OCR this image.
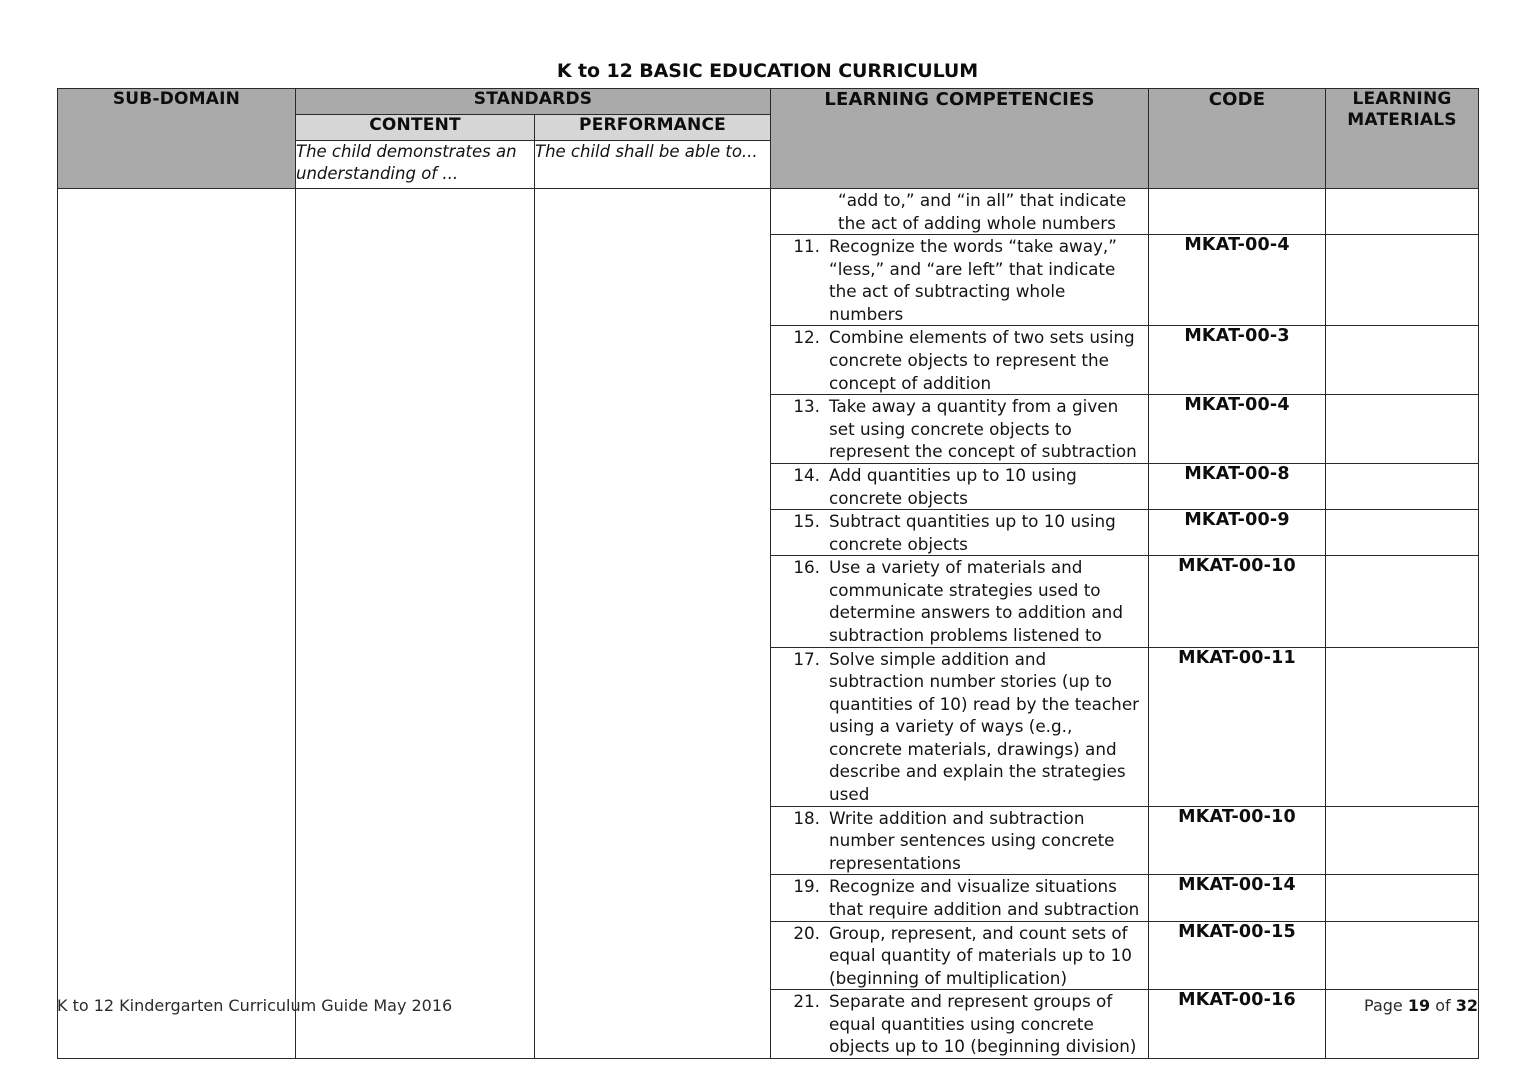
K to 12 BASIC EDUCATION CURRICULUM
SUB-DOMAIN	STANDARDS		LEARNING COMPETENCIES	CODE	LEARNING MATERIALS
	CONTENT	PERFORMANCE			
	The child demonstrates an understanding of ...	The child shall be able to...			

			“add to,” and “in all” that indicate the act of adding whole numbers		

			11. Recognize the words “take away,” “less,” and “are left” that indicate the act of subtracting whole numbers	MKAT-00-4	

			12. Combine elements of two sets using concrete objects to represent the concept of addition	MKAT-00-3	

			13. Take away a quantity from a given set using concrete objects to represent the concept of subtraction	MKAT-00-4	

			14. Add quantities up to 10 using concrete objects	MKAT-00-8	

			15. Subtract quantities up to 10 using concrete objects	MKAT-00-9	

			16. Use a variety of materials and communicate strategies used to determine answers to addition and subtraction problems listened to	MKAT-00-10	

			17. Solve simple addition and subtraction number stories (up to quantities of 10) read by the teacher using a variety of ways (e.g., concrete materials, drawings) and describe and explain the strategies used	MKAT-00-11	

			18. Write addition and subtraction number sentences using concrete representations	MKAT-00-10	

			19. Recognize and visualize situations that require addition and subtraction	MKAT-00-14	

			20. Group, represent, and count sets of equal quantity of materials up to 10 (beginning of multiplication)	MKAT-00-15	

			21. Separate and represent groups of equal quantities using concrete objects up to 10 (beginning division)	MKAT-00-16	
K to 12 Kindergarten Curriculum Guide May 2016	Page 19 of 32
